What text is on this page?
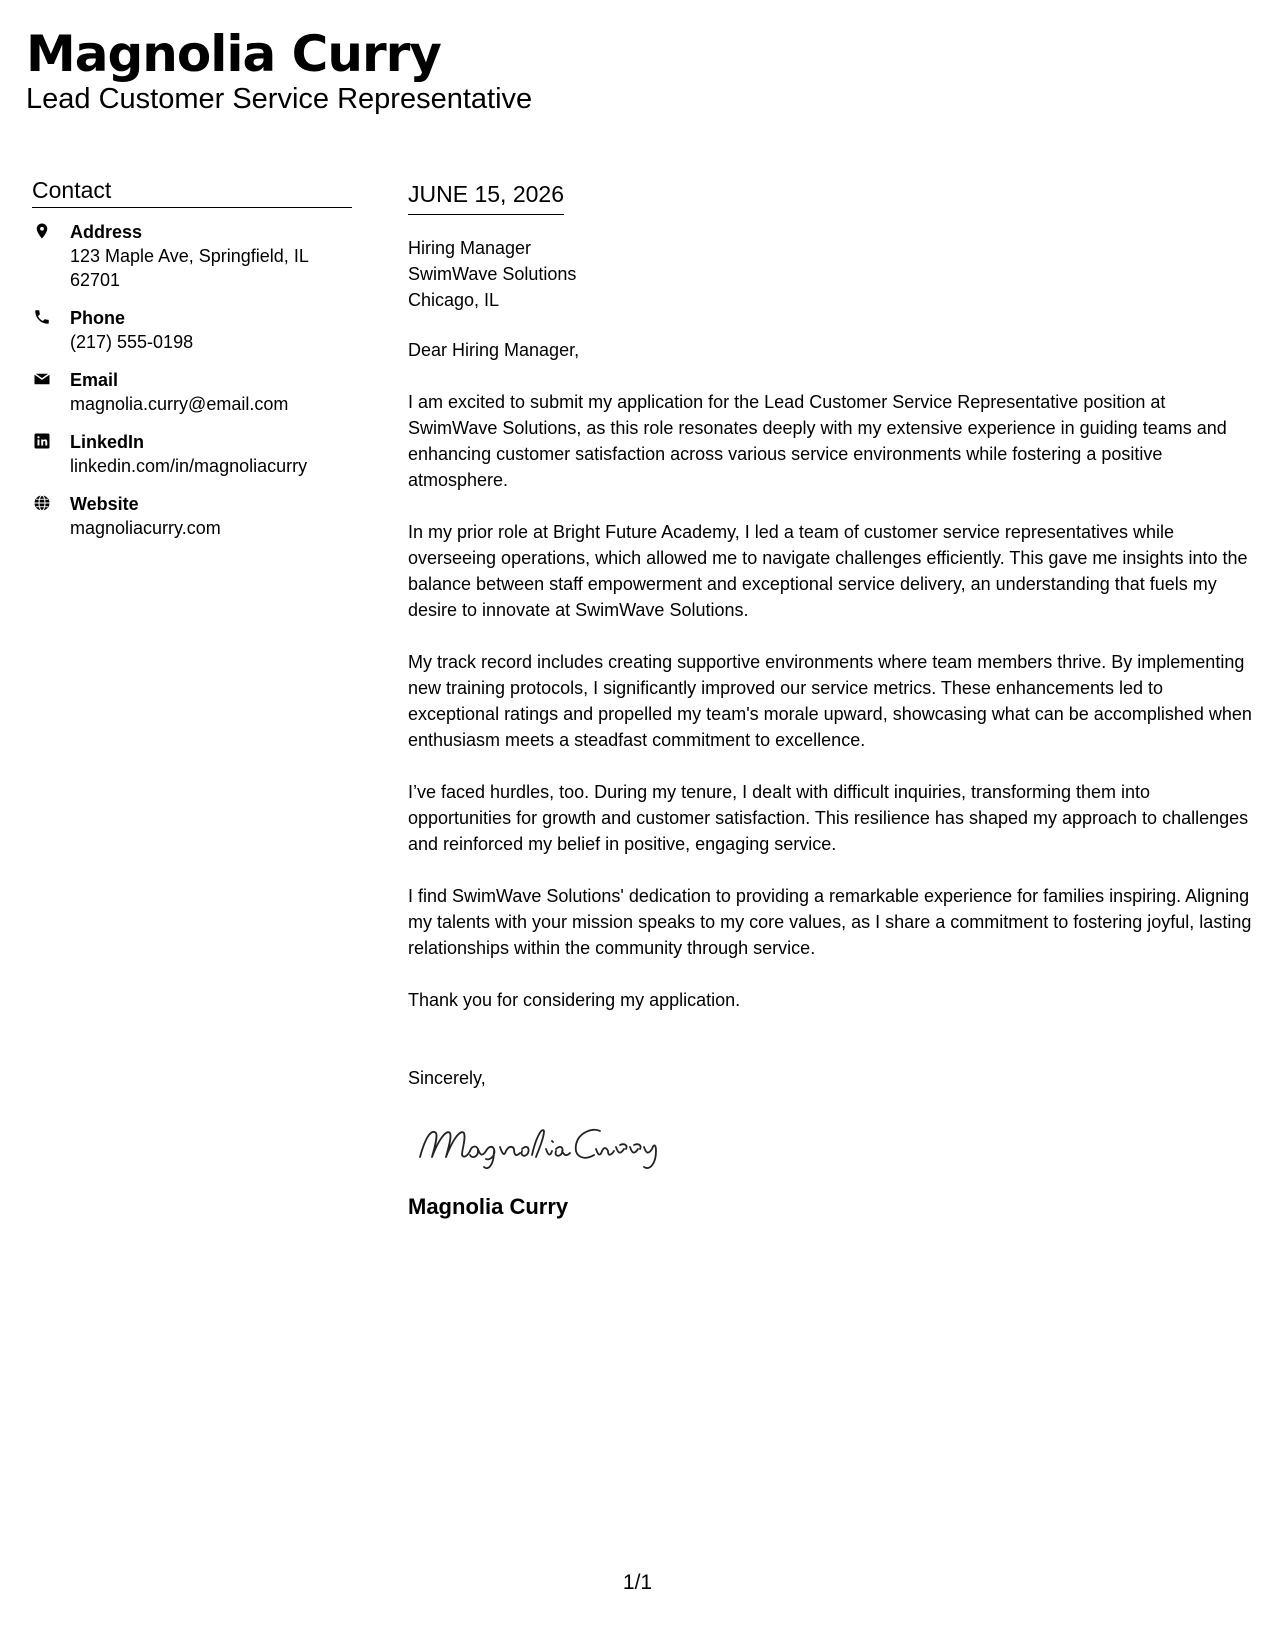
Magnolia Curry
Lead Customer Service Representative
Contact
Address
123 Maple Ave, Springfield, IL 62701
Phone
(217) 555-0198
Email
magnolia.curry@email.com
LinkedIn
linkedin.com/in/magnoliacurry
Website
magnoliacurry.com
JUNE 15, 2026
Hiring Manager
SwimWave Solutions
Chicago, IL

Dear Hiring Manager,

I am excited to submit my application for the Lead Customer Service Representative position at SwimWave Solutions, as this role resonates deeply with my extensive experience in guiding teams and enhancing customer satisfaction across various service environments while fostering a positive atmosphere.

In my prior role at Bright Future Academy, I led a team of customer service representatives while overseeing operations, which allowed me to navigate challenges efficiently. This gave me insights into the balance between staff empowerment and exceptional service delivery, an understanding that fuels my desire to innovate at SwimWave Solutions.

My track record includes creating supportive environments where team members thrive. By implementing new training protocols, I significantly improved our service metrics. These enhancements led to exceptional ratings and propelled my team's morale upward, showcasing what can be accomplished when enthusiasm meets a steadfast commitment to excellence.

I’ve faced hurdles, too. During my tenure, I dealt with difficult inquiries, transforming them into opportunities for growth and customer satisfaction. This resilience has shaped my approach to challenges and reinforced my belief in positive, engaging service.

I find SwimWave Solutions' dedication to providing a remarkable experience for families inspiring. Aligning my talents with your mission speaks to my core values, as I share a commitment to fostering joyful, lasting relationships within the community through service.

Thank you for considering my application.

Sincerely,

Magnolia Curry
1/1
